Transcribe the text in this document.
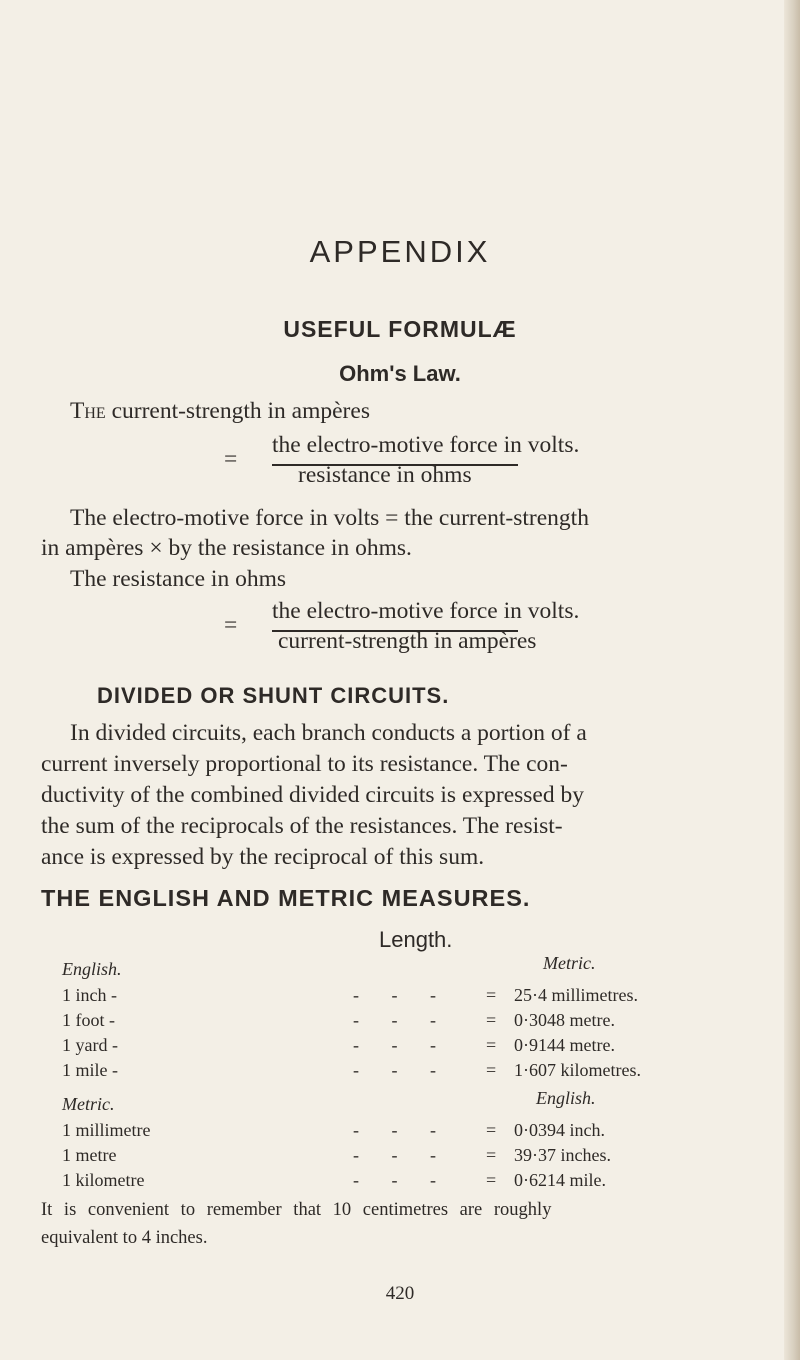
APPENDIX
USEFUL FORMULÆ
Ohm's Law.
The current-strength in ampères
=
the electro-motive force in volts.
resistance in ohms
The electro-motive force in volts = the current-strength
in ampères × by the resistance in ohms.
The resistance in ohms
=
the electro-motive force in volts.
current-strength in ampères
DIVIDED OR SHUNT CIRCUITS.
In divided circuits, each branch conducts a portion of a
current inversely proportional to its resistance. The con-
ductivity of the combined divided circuits is expressed by
the sum of the reciprocals of the resistances. The resist-
ance is expressed by the reciprocal of this sum.
THE ENGLISH AND METRIC MEASURES.
Length.
English.	Metric.
1 inch -	- - - = 25·4 millimetres.
1 foot -	- - - = 0·3048 metre.
1 yard -	- - - = 0·9144 metre.
1 mile -	- - - = 1·607 kilometres.
Metric.	English.
1 millimetre	- - - = 0·0394 inch.
1 metre	- - - = 39·37 inches.
1 kilometre	- - - = 0·6214 mile.
It is convenient to remember that 10 centimetres are roughly
equivalent to 4 inches.
420
